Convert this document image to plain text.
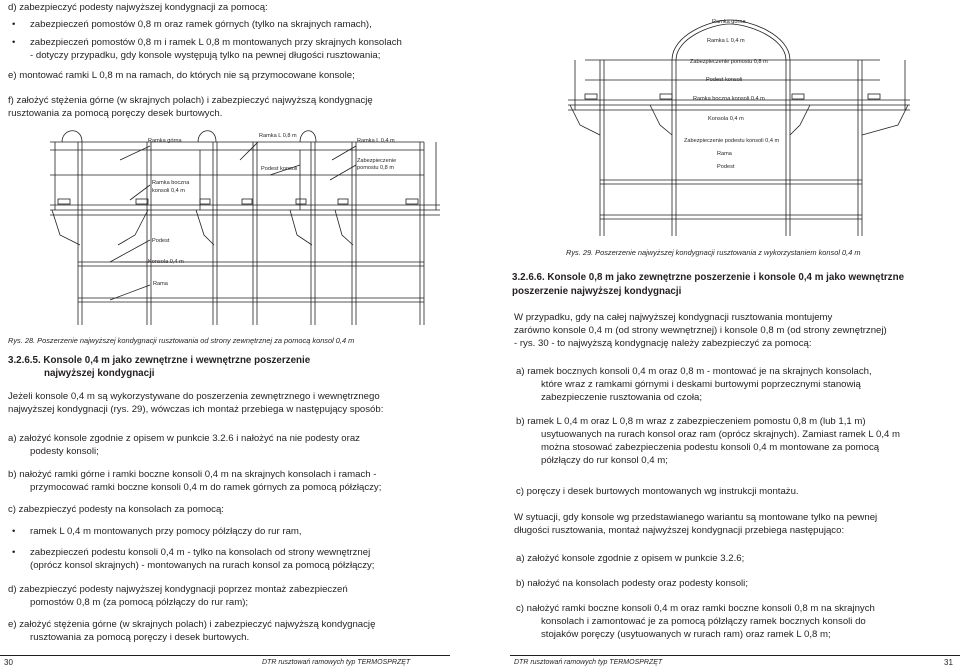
d) zabezpieczyć podesty najwyższej kondygnacji za pomocą:
• zabezpieczeń pomostów 0,8 m oraz ramek górnych (tylko na skrajnych ramach),
• zabezpieczeń pomostów 0,8 m i ramek L 0,8 m montowanych przy skrajnych konsolach
- dotyczy przypadku, gdy konsole występują tylko na pewnej długości rusztowania;
e) montować ramki L 0,8 m na ramach, do których nie są przymocowane konsole;
f) założyć stężenia górne (w skrajnych polach) i zabezpieczyć najwyższą kondygnację
rusztowania za pomocą poręczy desek burtowych.
Ramka górna
Ramka L 0,8 m
Ramka L 0,4 m
Podest konsoli
Zabezpieczenie
pomostu 0,8 m
Ramka boczna
konsoli 0,4 m
Podest
Konsola 0,4 m
Rama
Rys. 28. Poszerzenie najwyższej kondygnacji rusztowania od strony zewnętrznej za pomocą konsol 0,4 m
3.2.6.5. Konsole 0,4 m jako zewnętrzne i wewnętrzne poszerzenie
najwyższej kondygnacji
Jeżeli konsole 0,4 m są wykorzystywane do poszerzenia zewnętrznego i wewnętrznego
najwyższej kondygnacji (rys. 29), wówczas ich montaż przebiega w następujący sposób:
a) założyć konsole zgodnie z opisem w punkcie 3.2.6 i nałożyć na nie podesty oraz
podesty konsoli;
b) nałożyć ramki górne i ramki boczne konsoli 0,4 m na skrajnych konsolach i ramach -
przymocować ramki boczne konsoli 0,4 m do ramek górnych za pomocą półzłączy;
c) zabezpieczyć podesty na konsolach za pomocą:
• ramek L 0,4 m montowanych przy pomocy półzłączy do rur ram,
• zabezpieczeń podestu konsoli 0,4 m - tylko na konsolach od strony wewnętrznej
(oprócz konsol skrajnych) - montowanych na rurach konsol za pomocą półzłączy;
d) zabezpieczyć podesty najwyższej kondygnacji poprzez montaż zabezpieczeń
pomostów 0,8 m (za pomocą półzłączy do rur ram);
e) założyć stężenia górne (w skrajnych polach) i zabezpieczyć najwyższą kondygnację
rusztowania za pomocą poręczy i desek burtowych.
30	DTR rusztowań ramowych typ TERMOSPRZĘT
Ramka górna
Ramka L 0,4 m
Zabezpieczenie pomostu 0,8 m
Podest konsoli
Ramka boczna konsoli 0,4 m
Konsola 0,4 m
Zabezpieczenie podestu konsoli 0,4 m
Rama
Podest
Rys. 29. Poszerzenie najwyższej kondygnacji rusztowania z wykorzystaniem konsol 0,4 m
3.2.6.6. Konsole 0,8 m jako zewnętrzne poszerzenie i konsole 0,4 m jako wewnętrzne
poszerzenie najwyższej kondygnacji
W przypadku, gdy na całej najwyższej kondygnacji rusztowania montujemy
zarówno konsole 0,4 m (od strony wewnętrznej) i konsole 0,8 m (od strony zewnętrznej)
- rys. 30 - to najwyższą kondygnację należy zabezpieczyć za pomocą:
a) ramek bocznych konsoli 0,4 m oraz 0,8 m - montować je na skrajnych konsolach,
które wraz z ramkami górnymi i deskami burtowymi poprzecznymi stanowią
zabezpieczenie rusztowania od czoła;
b) ramek L 0,4 m oraz L 0,8 m wraz z zabezpieczeniem pomostu 0,8 m (lub 1,1 m)
usytuowanych na rurach konsol oraz ram (oprócz skrajnych). Zamiast ramek L 0,4 m
można stosować zabezpieczenia podestu konsoli 0,4 m montowane za pomocą
półzłączy do rur konsol 0,4 m;
c) poręczy i desek burtowych montowanych wg instrukcji montażu.
W sytuacji, gdy konsole wg przedstawianego wariantu są montowane tylko na pewnej
długości rusztowania, montaż najwyższej kondygnacji przebiega następująco:
a) założyć konsole zgodnie z opisem w punkcie 3.2.6;
b) nałożyć na konsolach podesty oraz podesty konsoli;
c) nałożyć ramki boczne konsoli 0,4 m oraz ramki boczne konsoli 0,8 m na skrajnych
konsolach i zamontować je za pomocą półzłączy ramek bocznych konsoli do
stojaków poręczy (usytuowanych w rurach ram) oraz ramek L 0,8 m;
DTR rusztowań ramowych typ TERMOSPRZĘT	31
